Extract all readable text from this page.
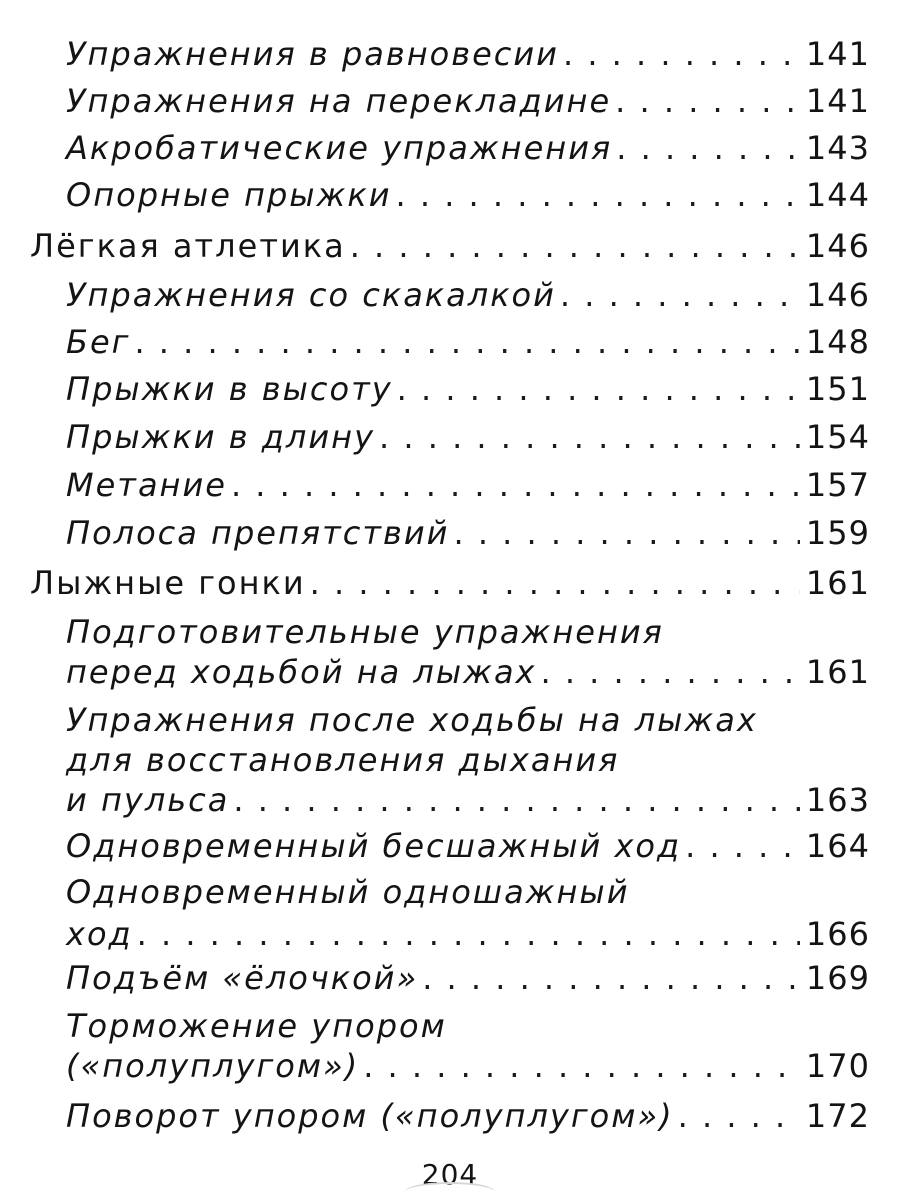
Упражнения в равновесии . . .	141
Упражнения на перекладине . . .	141
Акробатические упражнения . . .	143
Опорные прыжки . . .	144
Лёгкая атлетика . . .	146
Упражнения со скакалкой . . .	146
Бег . . .	148
Прыжки в высоту . . .	151
Прыжки в длину . . .	154
Метание . . .	157
Полоса препятствий . . .	159
Лыжные гонки . . .	161
Подготовительные упражнения
перед ходьбой на лыжах . . .	161
Упражнения после ходьбы на лыжах
для восстановления дыхания
и пульса . . .	163
Одновременный бесшажный ход . . .	164
Одновременный одношажный
ход . . .	166
Подъём «ёлочкой» . . .	169
Торможение упором
(«полуплугом») . . .	170
Поворот упором («полуплугом») . . .	172
204
